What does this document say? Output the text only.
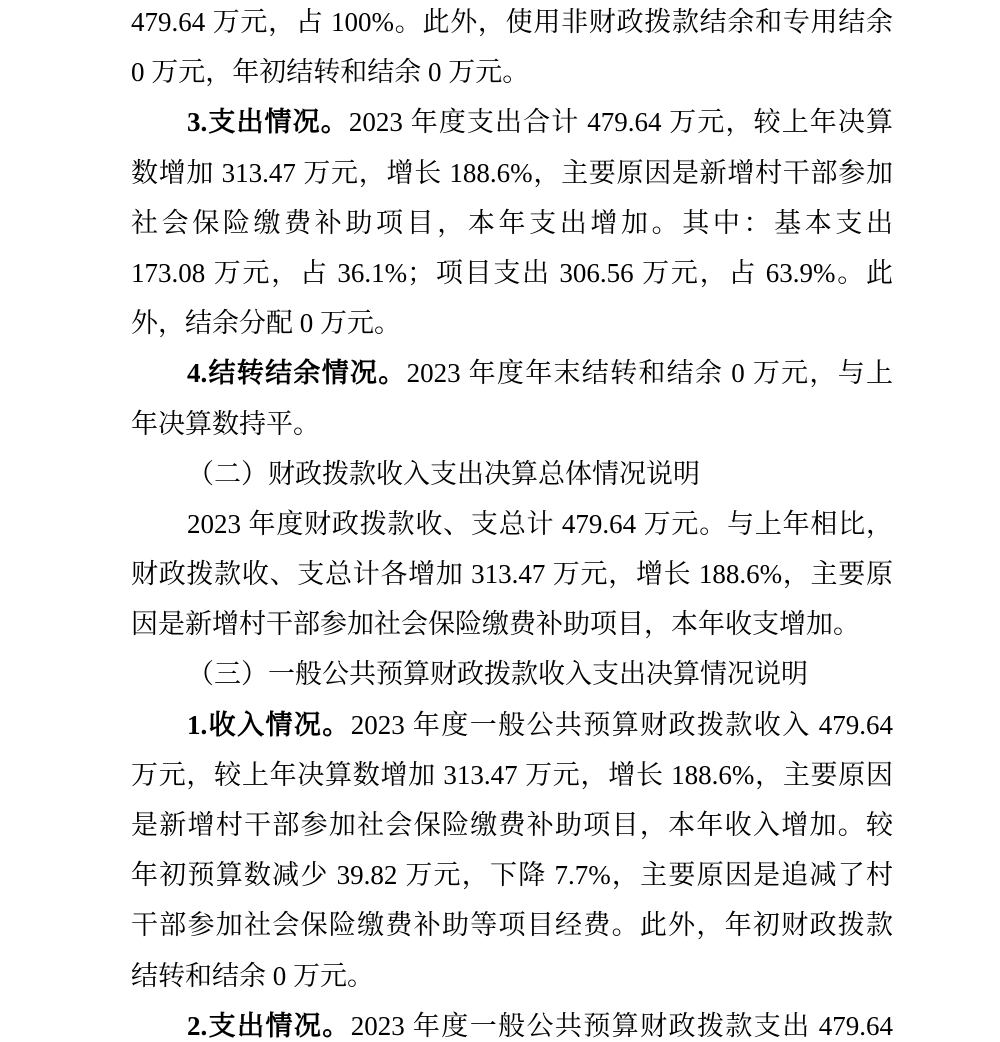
479.64 万元，占 100%。此外，使用非财政拨款结余和专用结余
0 万元，年初结转和结余 0 万元。
3.支出情况。2023 年度支出合计 479.64 万元，较上年决算
数增加 313.47 万元，增长 188.6%，主要原因是新增村干部参加
社会保险缴费补助项目，本年支出增加。其中：基本支出
173.08 万元，占 36.1%；项目支出 306.56 万元，占 63.9%。此
外，结余分配 0 万元。
4.结转结余情况。2023 年度年末结转和结余 0 万元，与上
年决算数持平。
（二）财政拨款收入支出决算总体情况说明
2023 年度财政拨款收、支总计 479.64 万元。与上年相比，
财政拨款收、支总计各增加 313.47 万元，增长 188.6%，主要原
因是新增村干部参加社会保险缴费补助项目，本年收支增加。
（三）一般公共预算财政拨款收入支出决算情况说明
1.收入情况。2023 年度一般公共预算财政拨款收入 479.64
万元，较上年决算数增加 313.47 万元，增长 188.6%，主要原因
是新增村干部参加社会保险缴费补助项目，本年收入增加。较
年初预算数减少 39.82 万元，下降 7.7%，主要原因是追减了村
干部参加社会保险缴费补助等项目经费。此外，年初财政拨款
结转和结余 0 万元。
2.支出情况。2023 年度一般公共预算财政拨款支出 479.64
